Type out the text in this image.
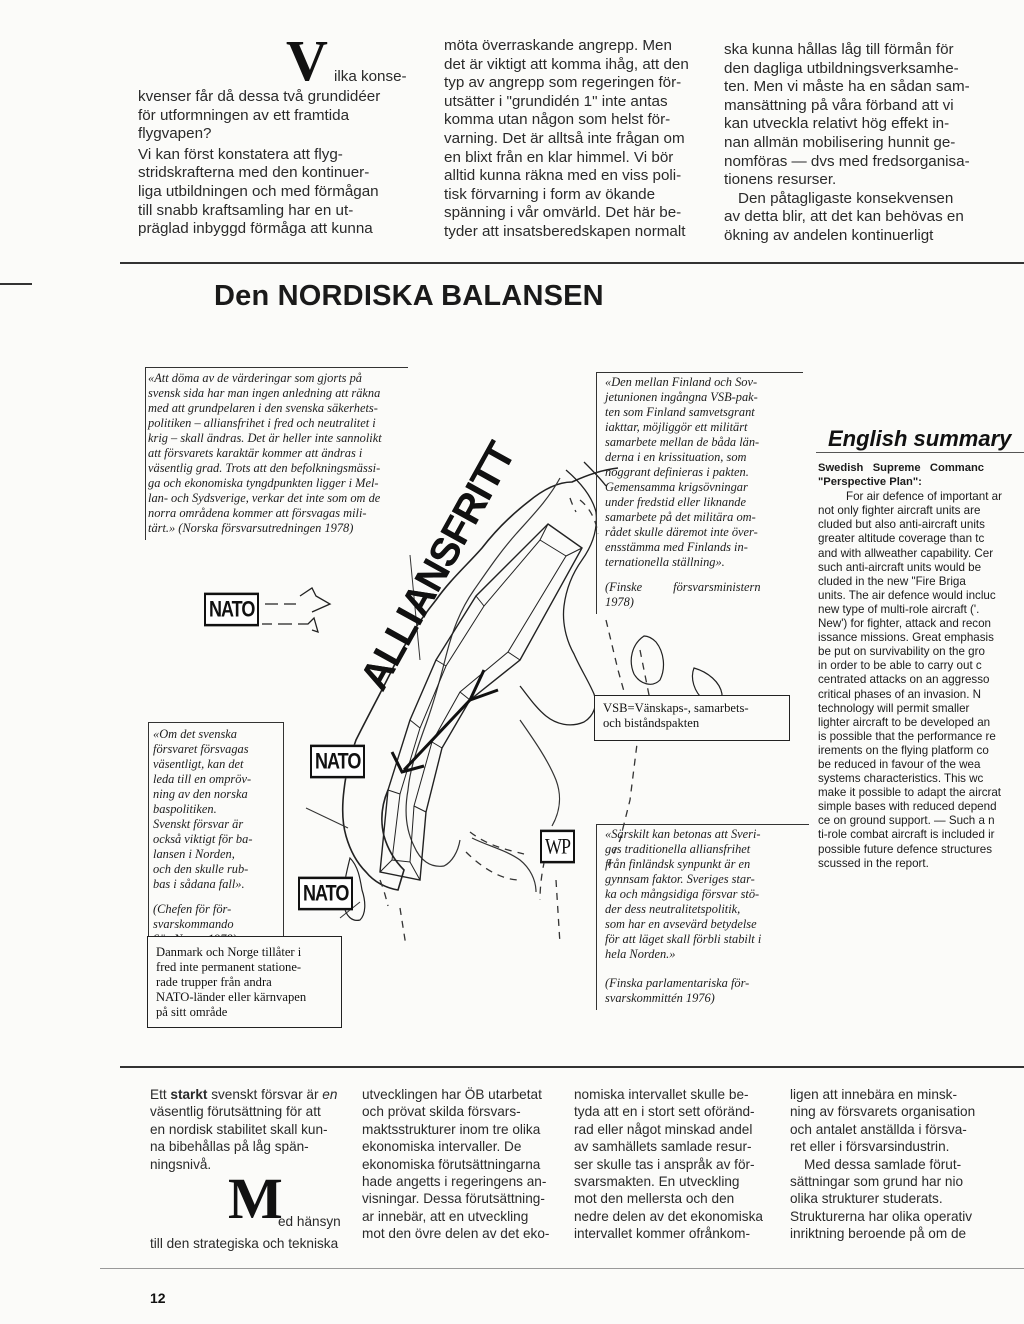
V ilka konse-

kvenser får då dessa två grundidéer

för utformningen av ett framtida

flygvapen?

Vi kan först konstatera att flyg-

stridskrafterna med den kontinuer-

liga utbildningen och med förmågan

till snabb kraftsamling har en ut-

präglad inbyggd förmåga att kunna

möta överraskande angrepp. Men

det är viktigt att komma ihåg, att den

typ av angrepp som regeringen för-

utsätter i "grundidén 1" inte antas

komma utan någon som helst för-

varning. Det är alltså inte frågan om

en blixt från en klar himmel. Vi bör

alltid kunna räkna med en viss poli-

tisk förvarning i form av ökande

spänning i vår omvärld. Det här be-

tyder att insatsberedskapen normalt

ska kunna hållas låg till förmån för

den dagliga utbildningsverksamhe-

ten. Men vi måste ha en sådan sam-

mansättning på våra förband att vi

kan utveckla relativt hög effekt in-

nan allmän mobilisering hunnit ge-

nomföras — dvs med fredsorganisa-

tionens resurser.

Den påtagligaste konsekvensen

av detta blir, att det kan behövas en

ökning av andelen kontinuerligt

Den NORDISKA BALANSEN
ALLIANSFRITT
NATO
NATO
NATO
WP

«Att döma av de värderingar som gjorts på

svensk sida har man ingen anledning att räkna

med att grundpelaren i den svenska säkerhets-

politiken – alliansfrihet i fred och neutralitet i

krig – skall ändras. Det är heller inte sannolikt

att försvarets karaktär kommer att ändras i

väsentlig grad. Trots att den befolkningsmässi-

ga och ekonomiska tyngdpunkten ligger i Mel-

lan- och Sydsverige, verkar det inte som om de

norra områdena kommer att försvagas mili-

tärt.» (Norska försvarsutredningen 1978)

«Den mellan Finland och Sov-

jetunionen ingångna VSB-pak-

ten som Finland samvetsgrant

iakttar, möjliggör ett militärt

samarbete mellan de båda län-

derna i en krissituation, som

noggrant definieras i pakten.

Gemensamma krigsövningar

under fredstid eller liknande

samarbete på det militära om-

rådet skulle däremot inte över-

ensstämma med Finlands in-

ternationella ställning».

(Finske          försvarsministern

1978)

«Om det svenska

försvaret försvagas

väsentligt, kan det

leda till en ompröv-

ning av den norska

baspolitiken.

Svenskt försvar är

också viktigt för ba-

lansen i Norden,

och den skulle rub-

bas i sådana fall».

(Chefen för för-

svarskommando

«Särskilt kan betonas att Sveri-

ges traditionella alliansfrihet

från finländsk synpunkt är en

gynnsam faktor. Sveriges star-

ka och mångsidiga försvar stö-

der dess neutralitetspolitik,

som har en avsevärd betydelse

för att läget skall förbli stabilt i

hela Norden.»

(Finska parlamentariska för-

svarskommittén 1976)

VSB=Vänskaps-, samarbets-

och biståndspakten

Danmark och Norge tillåter i

fred inte permanent statione-

rade trupper från andra

NATO-länder eller kärnvapen

på sitt område

English summary

Swedish   Supreme   Commanc

"Perspective Plan":

For air defence of important ar

not only fighter aircraft units are

cluded but also anti-aircraft units

greater altitude coverage than tc

and with allweather capability. Cer

such anti-aircraft units would be

cluded in the new "Fire Briga

units. The air defence would incluc

new type of multi-role aircraft ('.

New') for fighter, attack and recon

issance missions. Great emphasis

be put on survivability on the gro

in order to be able to carry out c

centrated attacks on an aggresso

critical phases of an invasion. N

technology will permit smaller

lighter aircraft to be developed an

is possible that the performance re

irements on the flying platform co

be reduced in favour of the wea

systems characteristics. This wc

make it possible to adapt the aircrat

simple bases with reduced depend

ce on ground support. — Such a n

ti-role combat aircraft is included ir

possible future defence structures

scussed in the report.

Ett starkt svenskt försvar är en

väsentlig förutsättning för att

en nordisk stabilitet skall kun-

na bibehållas på låg spän-

ningsnivå.

M
ed hänsyn

till den strategiska och tekniska

utvecklingen har ÖB utarbetat

och prövat skilda försvars-

maktsstrukturer inom tre olika

ekonomiska intervaller. De

ekonomiska förutsättningarna

hade angetts i regeringens an-

visningar. Dessa förutsättning-

ar innebär, att en utveckling

mot den övre delen av det eko-

nomiska intervallet skulle be-

tyda att en i stort sett oföränd-

rad eller något minskad andel

av samhällets samlade resur-

ser skulle tas i anspråk av för-

svarsmakten. En utveckling

mot den mellersta och den

nedre delen av det ekonomiska

intervallet kommer ofrånkom-

ligen att innebära en minsk-

ning av försvarets organisation

och antalet anställda i försva-

ret eller i försvarsindustrin.

Med dessa samlade förut-

sättningar som grund har nio

olika strukturer studerats.

Strukturerna har olika operativ

inriktning beroende på om de

12
